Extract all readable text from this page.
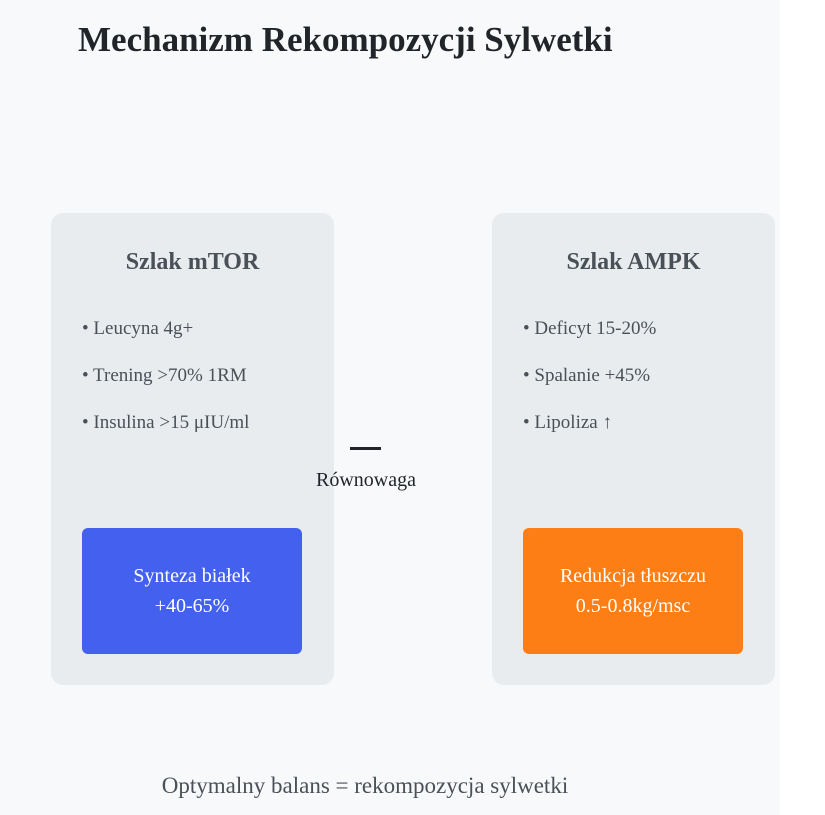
Mechanizm Rekompozycji Sylwetki
Szlak mTOR
• Leucyna 4g+
• Trening >70% 1RM
• Insulina >15 μIU/ml
Synteza białek
+40-65%
Równowaga
Szlak AMPK
• Deficyt 15-20%
• Spalanie +45%
• Lipoliza ↑
Redukcja tłuszczu
0.5-0.8kg/msc
Optymalny balans = rekompozycja sylwetki
